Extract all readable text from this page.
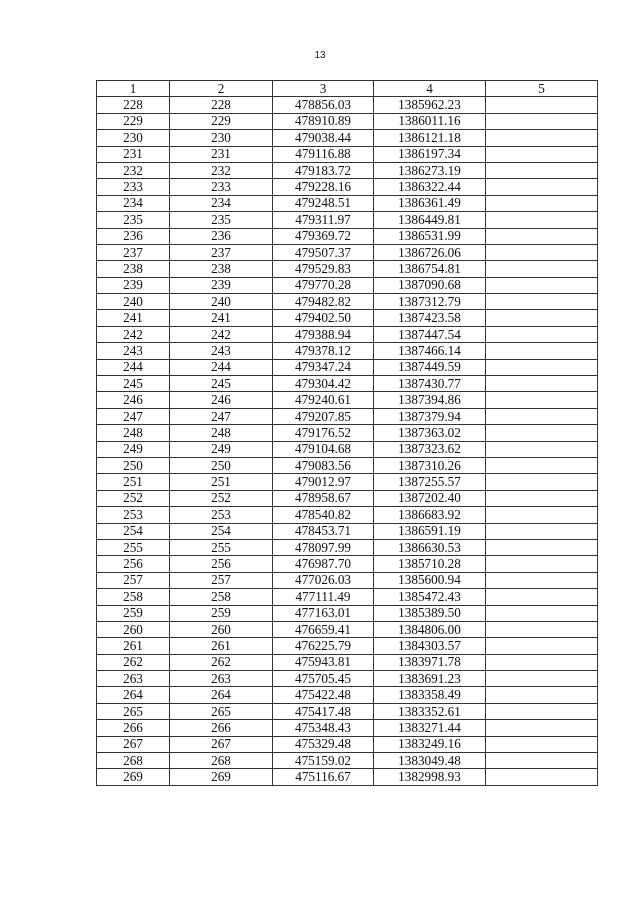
13
1	2	3	4	5
228	228	478856.03	1385962.23	
229	229	478910.89	1386011.16	
230	230	479038.44	1386121.18	
231	231	479116.88	1386197.34	
232	232	479183.72	1386273.19	
233	233	479228.16	1386322.44	
234	234	479248.51	1386361.49	
235	235	479311.97	1386449.81	
236	236	479369.72	1386531.99	
237	237	479507.37	1386726.06	
238	238	479529.83	1386754.81	
239	239	479770.28	1387090.68	
240	240	479482.82	1387312.79	
241	241	479402.50	1387423.58	
242	242	479388.94	1387447.54	
243	243	479378.12	1387466.14	
244	244	479347.24	1387449.59	
245	245	479304.42	1387430.77	
246	246	479240.61	1387394.86	
247	247	479207.85	1387379.94	
248	248	479176.52	1387363.02	
249	249	479104.68	1387323.62	
250	250	479083.56	1387310.26	
251	251	479012.97	1387255.57	
252	252	478958.67	1387202.40	
253	253	478540.82	1386683.92	
254	254	478453.71	1386591.19	
255	255	478097.99	1386630.53	
256	256	476987.70	1385710.28	
257	257	477026.03	1385600.94	
258	258	477111.49	1385472.43	
259	259	477163.01	1385389.50	
260	260	476659.41	1384806.00	
261	261	476225.79	1384303.57	
262	262	475943.81	1383971.78	
263	263	475705.45	1383691.23	
264	264	475422.48	1383358.49	
265	265	475417.48	1383352.61	
266	266	475348.43	1383271.44	
267	267	475329.48	1383249.16	
268	268	475159.02	1383049.48	
269	269	475116.67	1382998.93	
